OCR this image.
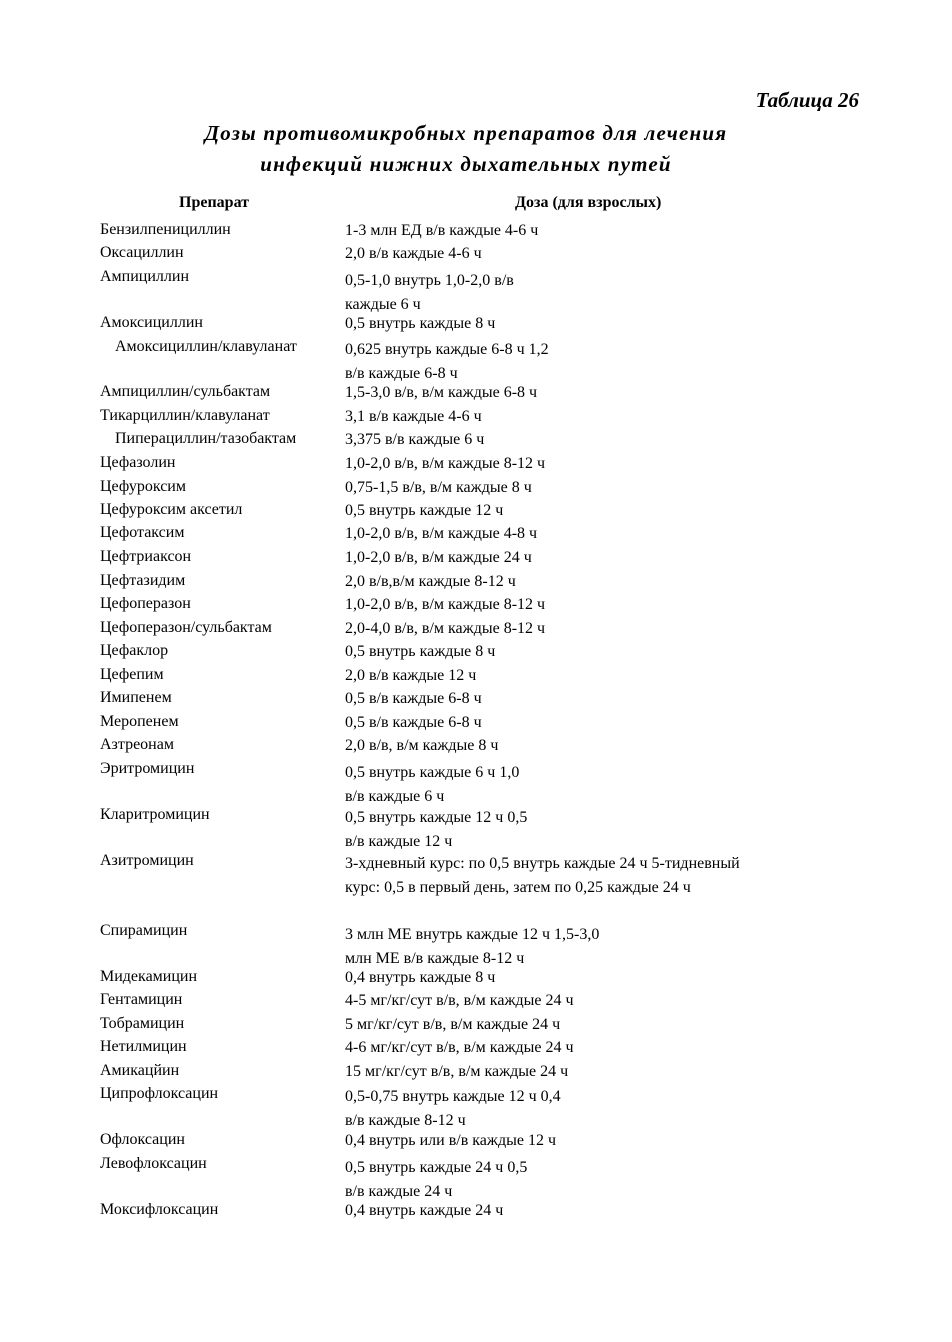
Таблица 26
Дозы противомикробных препаратов для лечения
инфекций нижних дыхательных путей
Препарат	Доза (для взрослых)
Бензилпенициллин	1-3 млн ЕД в/в каждые 4-6 ч
Оксациллин	2,0 в/в каждые 4-6 ч
Ампициллин	0,5-1,0 внутрь 1,0-2,0 в/в
каждые 6 ч
Амоксициллин	0,5 внутрь каждые 8 ч
Амоксициллин/клавуланат	0,625 внутрь каждые 6-8 ч 1,2
в/в каждые 6-8 ч
Ампициллин/сульбактам	1,5-3,0 в/в, в/м каждые 6-8 ч
Тикарциллин/клавуланат	3,1 в/в каждые 4-6 ч
Пиперациллин/тазобактам	3,375 в/в каждые 6 ч
Цефазолин	1,0-2,0 в/в, в/м каждые 8-12 ч
Цефуроксим	0,75-1,5 в/в, в/м каждые 8 ч
Цефуроксим аксетил	0,5 внутрь каждые 12 ч
Цефотаксим	1,0-2,0 в/в, в/м каждые 4-8 ч
Цефтриаксон	1,0-2,0 в/в, в/м каждые 24 ч
Цефтазидим	2,0 в/в,в/м каждые 8-12 ч
Цефоперазон	1,0-2,0 в/в, в/м каждые 8-12 ч
Цефоперазон/сульбактам	2,0-4,0 в/в, в/м каждые 8-12 ч
Цефаклор	0,5 внутрь каждые 8 ч
Цефепим	2,0 в/в каждые 12 ч
Имипенем	0,5 в/в каждые 6-8 ч
Меропенем	0,5 в/в каждые 6-8 ч
Азтреонам	2,0 в/в, в/м каждые 8 ч
Эритромицин	0,5 внутрь каждые 6 ч 1,0
в/в каждые 6 ч
Кларитромицин	0,5 внутрь каждые 12 ч 0,5
в/в каждые 12 ч
Азитромицин	3-хдневный курс: по 0,5 внутрь каждые 24 ч 5-тидневный
курс: 0,5 в первый день, затем по 0,25 каждые 24 ч
Спирамицин	3 млн МЕ внутрь каждые 12 ч 1,5-3,0
млн МЕ в/в каждые 8-12 ч
Мидекамицин	0,4 внутрь каждые 8 ч
Гентамицин	4-5 мг/кг/сут в/в, в/м каждые 24 ч
Тобрамицин	5 мг/кг/сут в/в, в/м каждые 24 ч
Нетилмицин	4-6 мг/кг/сут в/в, в/м каждые 24 ч
Амикацйин	15 мг/кг/сут в/в, в/м каждые 24 ч
Ципрофлоксацин	0,5-0,75 внутрь каждые 12 ч 0,4
в/в каждые 8-12 ч
Офлоксацин	0,4 внутрь или в/в каждые 12 ч
Левофлоксацин	0,5 внутрь каждые 24 ч 0,5
в/в каждые 24 ч
Моксифлоксацин	0,4 внутрь каждые 24 ч
